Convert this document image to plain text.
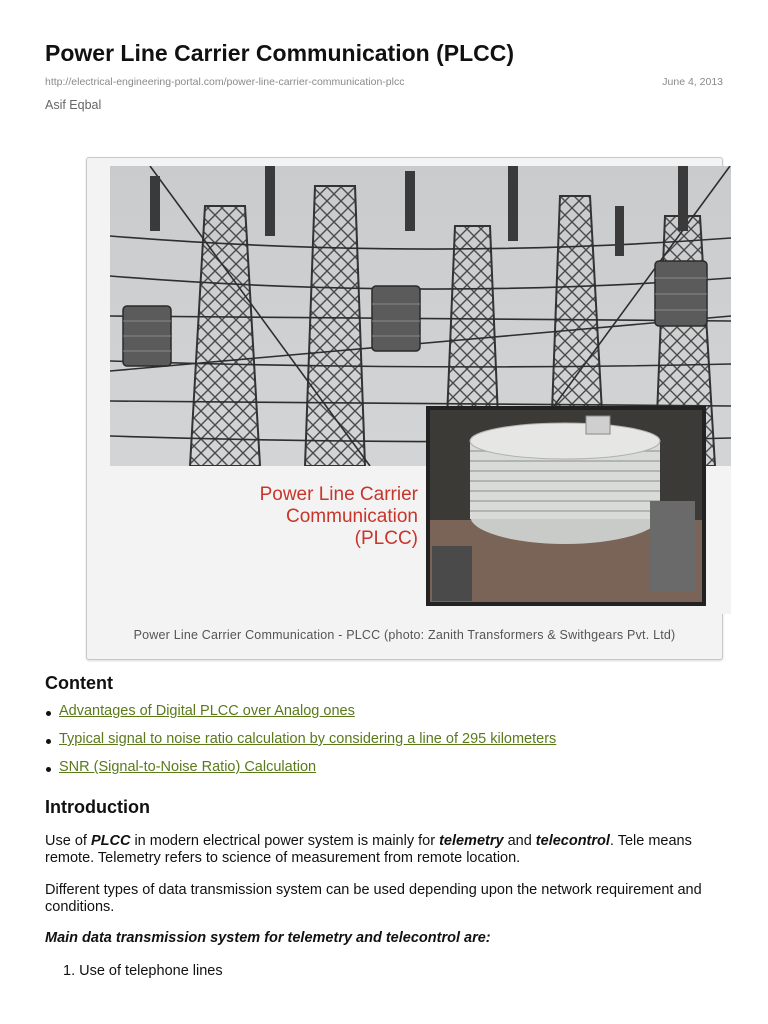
Power Line Carrier Communication (PLCC)
http://electrical-engineering-portal.com/power-line-carrier-communication-plcc	June 4, 2013
Asif Eqbal
Power Line Carrier Communication
(PLCC)
Power Line Carrier Communication - PLCC (photo: Zanith Transformers & Swithgears Pvt. Ltd)
Content
Advantages of Digital PLCC over Analog ones
Typical signal to noise ratio calculation by considering a line of 295 kilometers
SNR (Signal-to-Noise Ratio) Calculation
Introduction

Use of PLCC in modern electrical power system is mainly for telemetry and telecontrol. Tele means remote. Telemetry refers to science of measurement from remote location.

Different types of data transmission system can be used depending upon the network requirement and conditions.

Main data transmission system for telemetry and telecontrol are:

1. Use of telephone lines
